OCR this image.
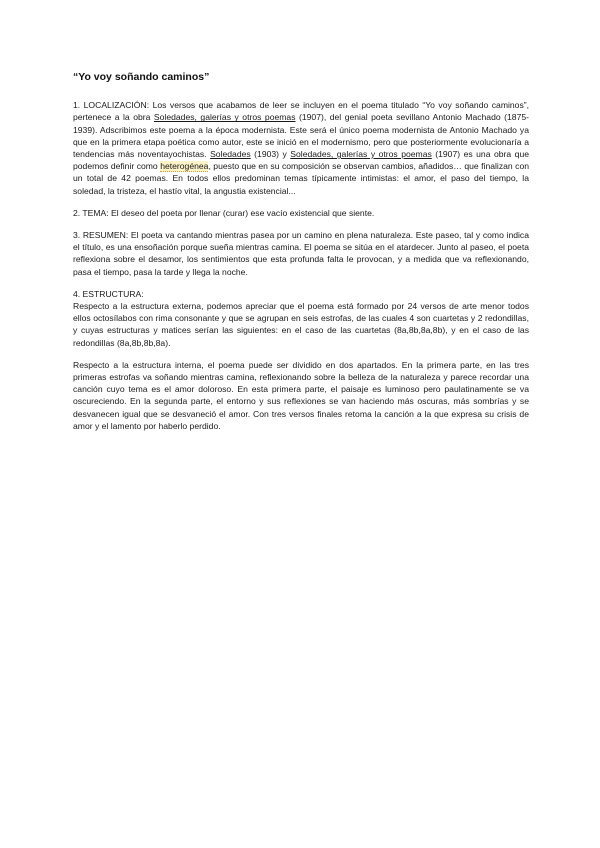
“Yo voy soñando caminos”

1. LOCALIZACIÓN: Los versos que acabamos de leer se incluyen en el poema titulado “Yo voy soñando caminos”, pertenece a la obra Soledades, galerías y otros poemas (1907), del genial poeta sevillano Antonio Machado (1875-1939). Adscribimos este poema a la época modernista. Este será el único poema modernista de Antonio Machado ya que en la primera etapa poética como autor, este se inició en el modernismo, pero que posteriormente evolucionaría a tendencias más noventayochistas. Soledades (1903) y Soledades, galerías y otros poemas (1907) es una obra que podemos definir como heterogénea, puesto que en su composición se observan cambios, añadidos… que finalizan con un total de 42 poemas. En todos ellos predominan temas típicamente intimistas: el amor, el paso del tiempo, la soledad, la tristeza, el hastío vital, la angustia existencial...

2. TEMA: El deseo del poeta por llenar (curar) ese vacío existencial que siente.

3. RESUMEN: El poeta va cantando mientras pasea por un camino en plena naturaleza. Este paseo, tal y como indica el título, es una ensoñación porque sueña mientras camina. El poema se sitúa en el atardecer. Junto al paseo, el poeta reflexiona sobre el desamor, los sentimientos que esta profunda falta le provocan, y a medida que va reflexionando, pasa el tiempo, pasa la tarde y llega la noche.

4. ESTRUCTURA:

Respecto a la estructura externa, podemos apreciar que el poema está formado por 24 versos de arte menor todos ellos octosílabos con rima consonante y que se agrupan en seis estrofas, de las cuales 4 son cuartetas y 2 redondillas, y cuyas estructuras y matices serían las siguientes: en el caso de las cuartetas (8a,8b,8a,8b), y en el caso de las redondillas (8a,8b,8b,8a).

Respecto a la estructura interna, el poema puede ser dividido en dos apartados. En la primera parte, en las tres primeras estrofas va soñando mientras camina, reflexionando sobre la belleza de la naturaleza y parece recordar una canción cuyo tema es el amor doloroso. En esta primera parte, el paisaje es luminoso pero paulatinamente se va oscureciendo. En la segunda parte, el entorno y sus reflexiones se van haciendo más oscuras, más sombrías y se desvanecen igual que se desvaneció el amor. Con tres versos finales retoma la canción a la que expresa su crisis de amor y el lamento por haberlo perdido.
